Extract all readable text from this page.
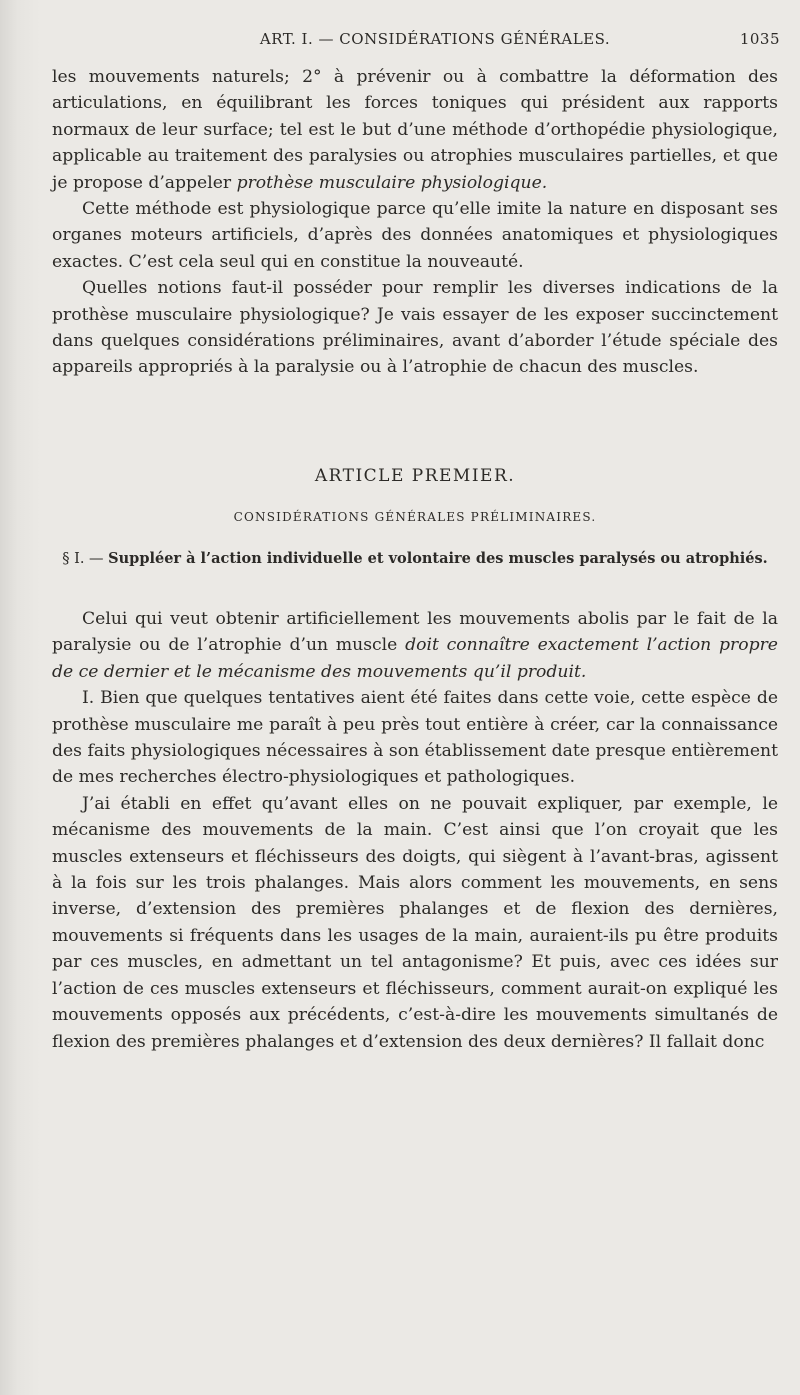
ART. I. — CONSIDÉRATIONS GÉNÉRALES.	1035

les mouvements naturels; 2° à prévenir ou à combattre la déformation des articulations, en équilibrant les forces toniques qui président aux rapports normaux de leur surface; tel est le but d’une méthode d’orthopédie physiologique, applicable au traitement des paralysies ou atrophies musculaires partielles, et que je propose d’appeler prothèse musculaire physiologique.

Cette méthode est physiologique parce qu’elle imite la nature en disposant ses organes moteurs artificiels, d’après des données anatomiques et physiologiques exactes. C’est cela seul qui en constitue la nouveauté.

Quelles notions faut-il posséder pour remplir les diverses indications de la prothèse musculaire physiologique? Je vais essayer de les exposer succinctement dans quelques considérations préliminaires, avant d’aborder l’étude spéciale des appareils appropriés à la paralysie ou à l’atrophie de chacun des muscles.

ARTICLE PREMIER.
CONSIDÉRATIONS GÉNÉRALES PRÉLIMINAIRES.
§ I. — Suppléer à l’action individuelle et volontaire des muscles paralysés ou atrophiés.

Celui qui veut obtenir artificiellement les mouvements abolis par le fait de la paralysie ou de l’atrophie d’un muscle doit connaître exactement l’action propre de ce dernier et le mécanisme des mouvements qu’il produit.

I. Bien que quelques tentatives aient été faites dans cette voie, cette espèce de prothèse musculaire me paraît à peu près tout entière à créer, car la connaissance des faits physiologiques nécessaires à son établissement date presque entièrement de mes recherches électro-physiologiques et pathologiques.

J’ai établi en effet qu’avant elles on ne pouvait expliquer, par exemple, le mécanisme des mouvements de la main. C’est ainsi que l’on croyait que les muscles extenseurs et fléchisseurs des doigts, qui siègent à l’avant-bras, agissent à la fois sur les trois phalanges. Mais alors comment les mouvements, en sens inverse, d’extension des premières phalanges et de flexion des dernières, mouvements si fréquents dans les usages de la main, auraient-ils pu être produits par ces muscles, en admettant un tel antagonisme? Et puis, avec ces idées sur l’action de ces muscles extenseurs et fléchisseurs, comment aurait-on expliqué les mouvements opposés aux précédents, c’est-à-dire les mouvements simultanés de flexion des premières phalanges et d’extension des deux dernières? Il fallait donc
